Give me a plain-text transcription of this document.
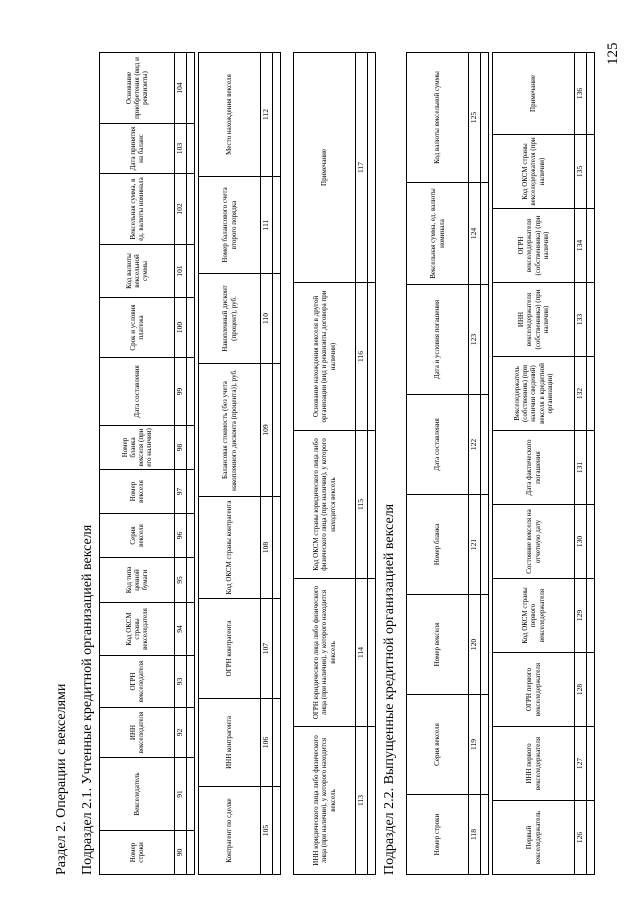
Раздел 2. Операции с векселями Подраздел 2.1. Учтенные кредитной организацией векселя	Номер строки	Векселедатель	ИНН векселедателя	ОГРН векселедателя	Код ОКСМ страны векселедателя	Код типа ценной бумаги	Серия векселя	Номер векселя	Номер бланка векселя (при его наличии)	Дата составления	Срок и условия платежа	Код валюты вексельной суммы	Вексельная сумма, в ед. валюты номинала	Дата принятия на баланс	Основание приобретения (вид и реквизиты)
90	91	92	93	94	95	96	97	98	99	100	101	102	103	104

Контрагент по сделке	ИНН контрагента	ОГРН контрагента	Код ОКСМ страны контрагента	Балансовая стоимость (без учета накопленного дисконта (процента)), руб.	Накопленный дисконт (процент), руб.	Номер балансового счета второго порядка	Место нахождения векселя
105	106	107	108	109	110	111	112

ИНН юридического лица либо физического лица (при наличии), у которого находится вексель	ОГРН юридического лица либо физического лица (при наличии), у которого находится вексель	Код ОКСМ страны юридического лица либо физического лица (при наличии), у которого находится вексель	Основание нахождения векселя в другой организации (вид и реквизиты договора при наличии)	Примечание
113	114	115	116	117

Подраздел 2.2. Выпущенные кредитной организацией векселя	Номер строки	Серия векселя	Номер векселя	Номер бланка	Дата составления	Дата и условия погашения	Вексельная сумма, ед. валюты номинала	Код валюты вексельной суммы
118	119	120	121	122	123	124	125

Первый векселедержатель	ИНН первого векселедержателя	ОГРН первого векселедержателя	Код ОКСМ страны первого векселедержателя	Состояние векселя на отчетную дату	Дата фактического погашения	Векселедержатель (собственник) (при наличии сведений) векселя в кредитной организации)	ИНН векселедержателя (собственника) (при наличии)	ОГРН векселедержателя (собственника) (при наличии)	Код ОКСМ страны векселедержателя (при наличии)	Примечание
126	127	128	129	130	131	132	133	134	135	136

125
